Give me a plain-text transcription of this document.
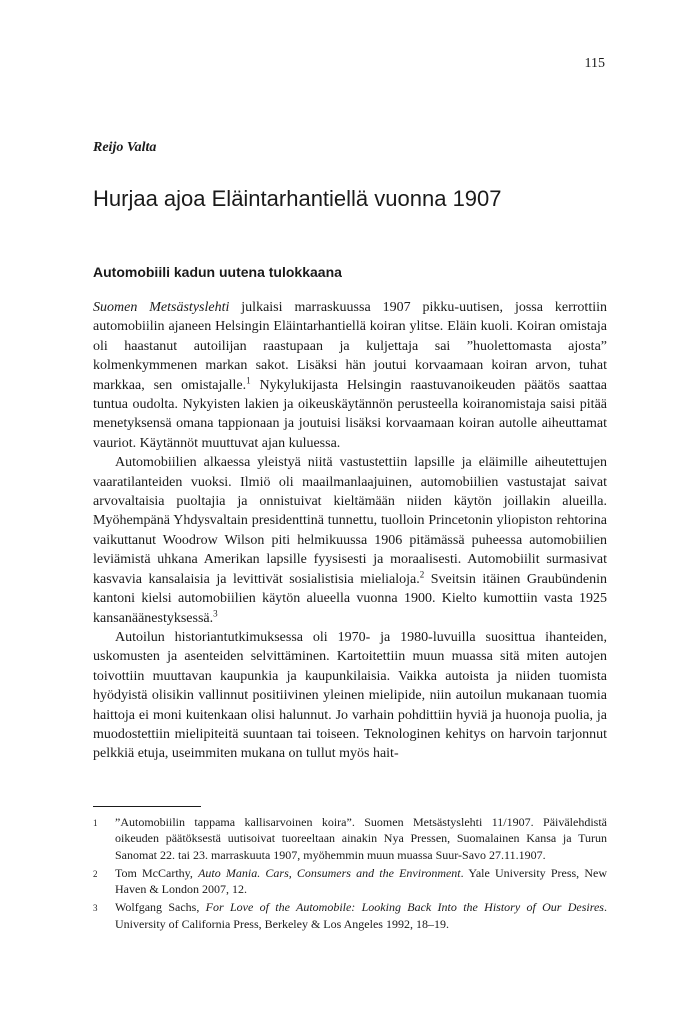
115
Reijo Valta
Hurjaa ajoa Eläintarhantiellä vuonna 1907
Automobiili kadun uutena tulokkaana

Suomen Metsästyslehti julkaisi marraskuussa 1907 pikku-uutisen, jossa kerrottiin automobiilin ajaneen Helsingin Eläintarhantiellä koiran ylitse. Eläin kuoli. Koiran omistaja oli haastanut autoilijan raastupaan ja kuljettaja sai ”huolettomasta ajosta” kolmenkymmenen markan sakot. Lisäksi hän joutui korvaamaan koiran arvon, tuhat markkaa, sen omistajalle.$^1$ Nykylukijasta Helsingin raastuvanoikeuden päätös saattaa tuntua oudolta. Nykyisten lakien ja oikeuskäytännön perusteella koiranomistaja saisi pitää menetyksensä omana tappionaan ja joutuisi lisäksi korvaamaan koiran autolle aiheuttamat vauriot. Käytännöt muuttuvat ajan kuluessa.

Automobiilien alkaessa yleistyä niitä vastustettiin lapsille ja eläimille aiheutettujen vaaratilanteiden vuoksi. Ilmiö oli maailmanlaajuinen, automobiilien vastustajat saivat arvovaltaisia puoltajia ja onnistuivat kieltämään niiden käytön joillakin alueilla. Myöhempänä Yhdysvaltain presidenttinä tunnettu, tuolloin Princetonin yliopiston rehtorina vaikuttanut Woodrow Wilson piti helmikuussa 1906 pitämässä puheessa automobiilien leviämistä uhkana Amerikan lapsille fyysisesti ja moraalisesti. Automobiilit surmasivat kasvavia kansalaisia ja levittivät sosialistisia mielialoja.$^2$ Sveitsin itäinen Graubündenin kantoni kielsi automobiilien käytön alueella vuonna 1900. Kielto kumottiin vasta 1925 kansanäänestyksessä.$^3$

Autoilun historiantutkimuksessa oli 1970- ja 1980-luvuilla suosittua ihanteiden, uskomusten ja asenteiden selvittäminen. Kartoitettiin muun muassa sitä miten autojen toivottiin muuttavan kaupunkia ja kaupunkilaisia. Vaikka autoista ja niiden tuomista hyödyistä olisikin vallinnut positiivinen yleinen mielipide, niin autoilun mukanaan tuomia haittoja ei moni kuitenkaan olisi halunnut. Jo varhain pohdittiin hyviä ja huonoja puolia, ja muodostettiin mielipiteitä suuntaan tai toiseen. Teknologinen kehitys on harvoin tarjonnut pelkkiä etuja, useimmiten mukana on tullut myös hait-

1	”Automobiilin tappama kallisarvoinen koira”. Suomen Metsästyslehti 11/1907. Päivälehdistä oikeuden päätöksestä uutisoivat tuoreeltaan ainakin Nya Pressen, Suomalainen Kansa ja Turun Sanomat 22. tai 23. marraskuuta 1907, myöhemmin muun muassa Suur-Savo 27.11.1907.
2	Tom McCarthy, Auto Mania. Cars, Consumers and the Environment. Yale University Press, New Haven & London 2007, 12.
3	Wolfgang Sachs, For Love of the Automobile: Looking Back Into the History of Our Desires. University of California Press, Berkeley & Los Angeles 1992, 18–19.
